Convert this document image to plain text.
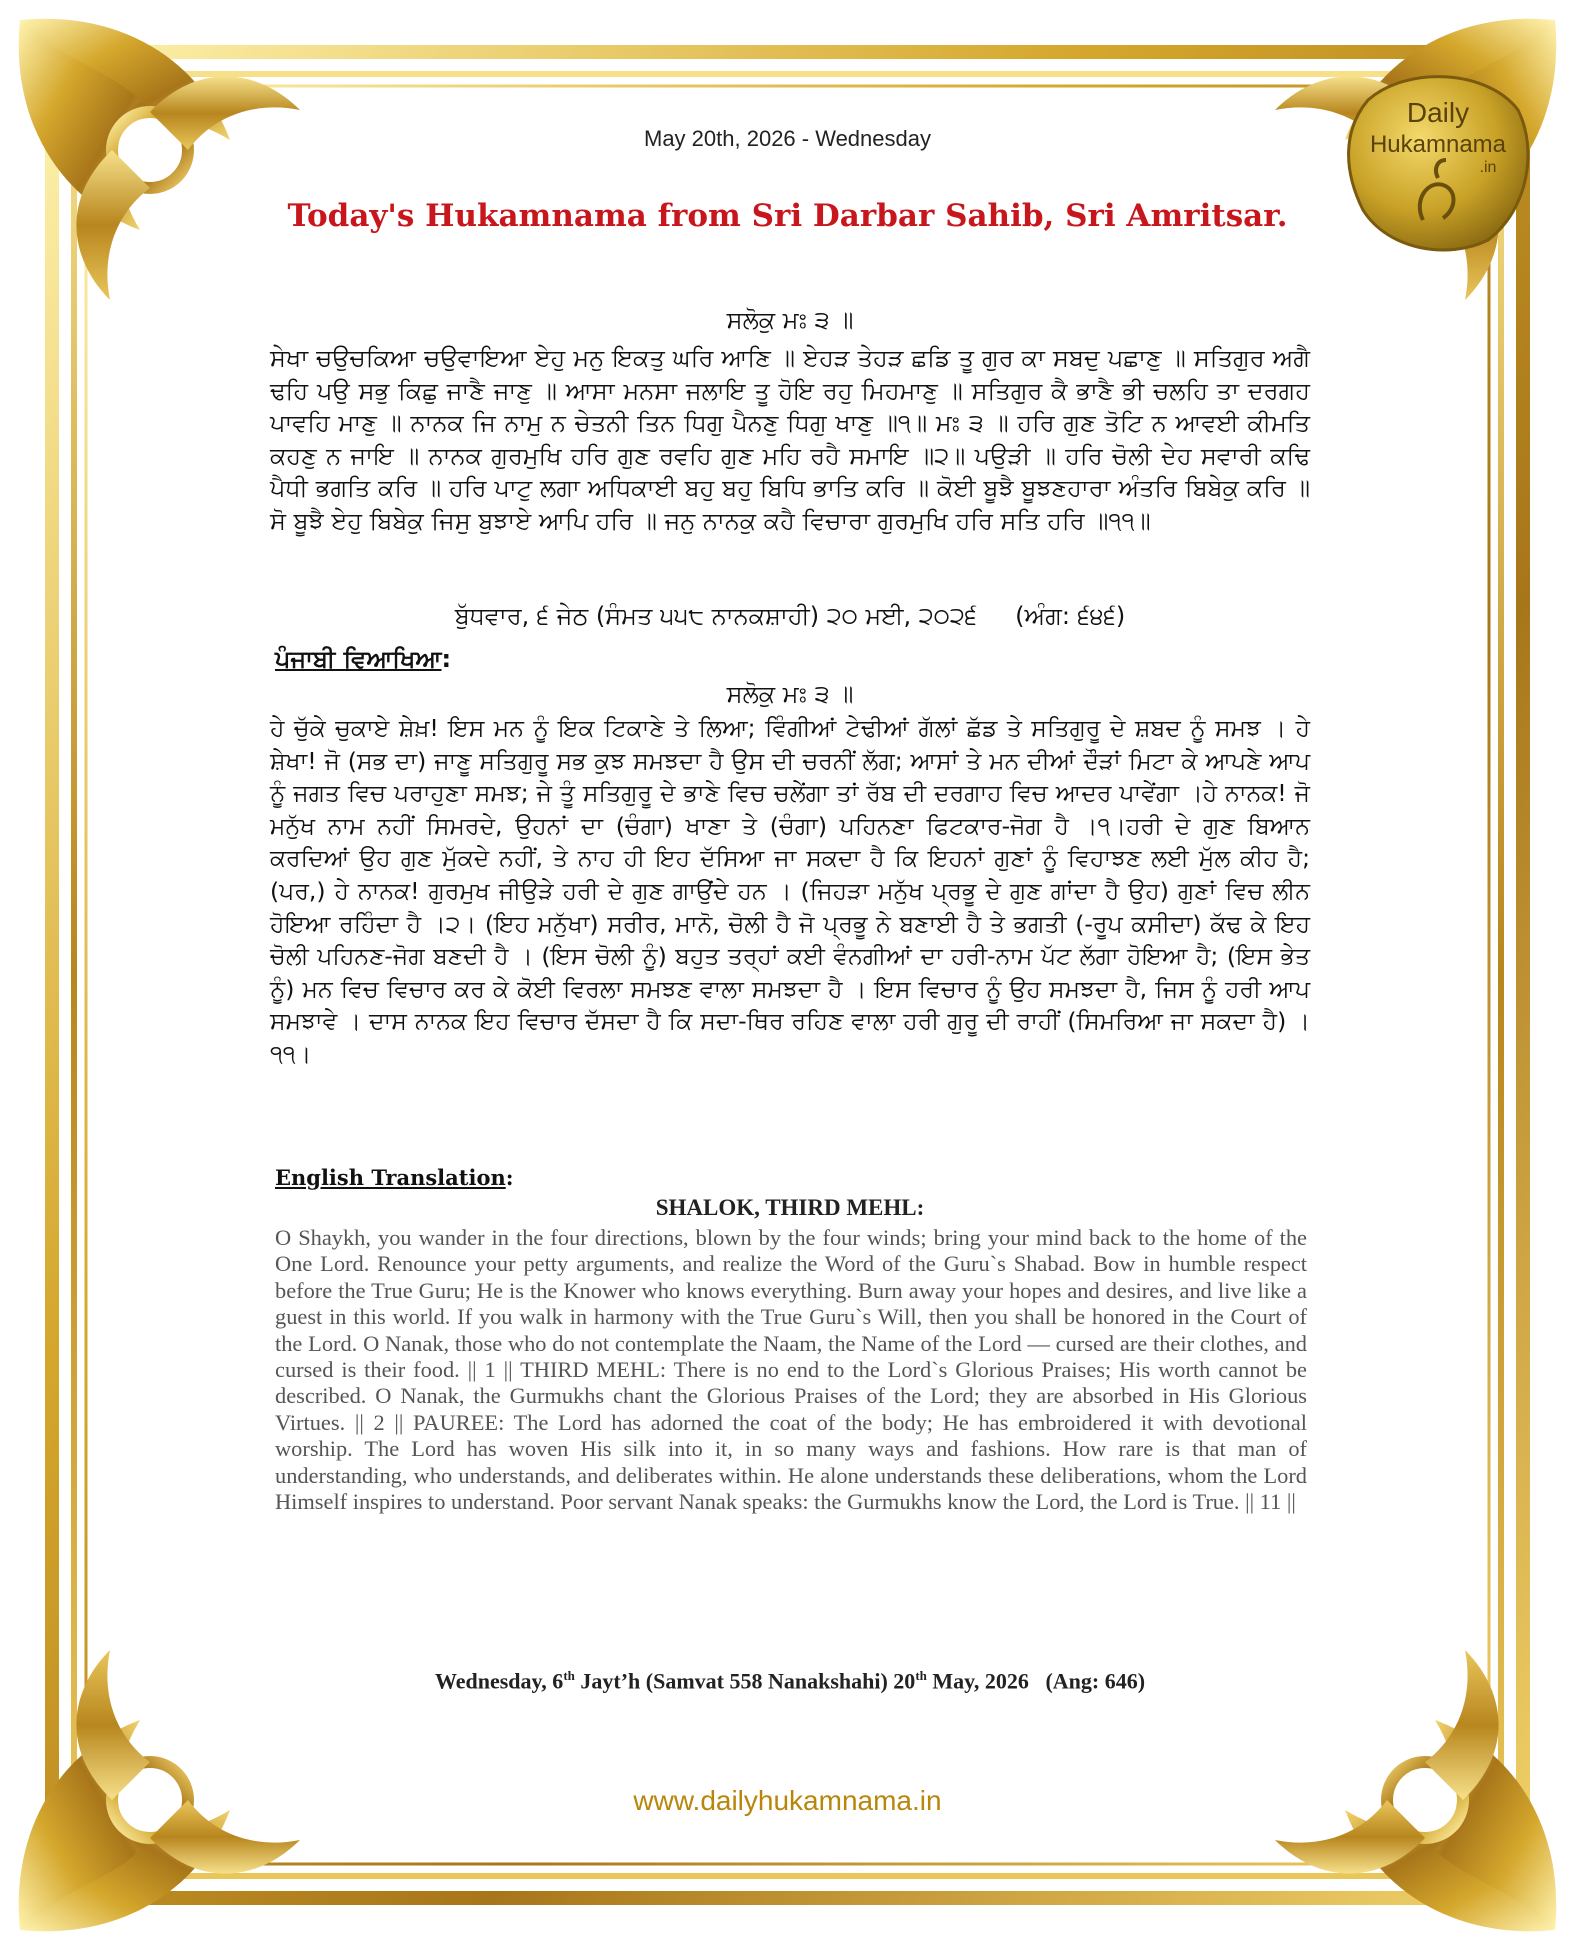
Daily
Hukamnama
.in
May 20th, 2026 - Wednesday
Today's Hukamnama from Sri Darbar Sahib, Sri Amritsar.
ਸਲੋਕੁ ਮਃ ੩ ॥
ਸੇਖਾ ਚਉਚਕਿਆ ਚਉਵਾਇਆ ਏਹੁ ਮਨੁ ਇਕਤੁ ਘਰਿ ਆਣਿ ॥ ਏਹੜ ਤੇਹੜ ਛਡਿ ਤੂ ਗੁਰ ਕਾ ਸਬਦੁ ਪਛਾਣੁ ॥ ਸਤਿਗੁਰ ਅਗੈ ਢਹਿ ਪਉ ਸਭੁ ਕਿਛੁ ਜਾਣੈ ਜਾਣੁ ॥ ਆਸਾ ਮਨਸਾ ਜਲਾਇ ਤੂ ਹੋਇ ਰਹੁ ਮਿਹਮਾਣੁ ॥ ਸਤਿਗੁਰ ਕੈ ਭਾਣੈ ਭੀ ਚਲਹਿ ਤਾ ਦਰਗਹ ਪਾਵਹਿ ਮਾਣੁ ॥ ਨਾਨਕ ਜਿ ਨਾਮੁ ਨ ਚੇਤਨੀ ਤਿਨ ਧਿਗੁ ਪੈਨਣੁ ਧਿਗੁ ਖਾਣੁ ॥੧॥ ਮਃ ੩ ॥ ਹਰਿ ਗੁਣ ਤੋਟਿ ਨ ਆਵਈ ਕੀਮਤਿ ਕਹਣੁ ਨ ਜਾਇ ॥ ਨਾਨਕ ਗੁਰਮੁਖਿ ਹਰਿ ਗੁਣ ਰਵਹਿ ਗੁਣ ਮਹਿ ਰਹੈ ਸਮਾਇ ॥੨॥ ਪਉੜੀ ॥ ਹਰਿ ਚੋਲੀ ਦੇਹ ਸਵਾਰੀ ਕਢਿ ਪੈਧੀ ਭਗਤਿ ਕਰਿ ॥ ਹਰਿ ਪਾਟੁ ਲਗਾ ਅਧਿਕਾਈ ਬਹੁ ਬਹੁ ਬਿਧਿ ਭਾਤਿ ਕਰਿ ॥ ਕੋਈ ਬੂਝੈ ਬੂਝਣਹਾਰਾ ਅੰਤਰਿ ਬਿਬੇਕੁ ਕਰਿ ॥ ਸੋ ਬੂਝੈ ਏਹੁ ਬਿਬੇਕੁ ਜਿਸੁ ਬੁਝਾਏ ਆਪਿ ਹਰਿ ॥ ਜਨੁ ਨਾਨਕੁ ਕਹੈ ਵਿਚਾਰਾ ਗੁਰਮੁਖਿ ਹਰਿ ਸਤਿ ਹਰਿ ॥੧੧॥
ਬੁੱਧਵਾਰ, ੬ ਜੇਠ (ਸੰਮਤ ੫੫੮ ਨਾਨਕਸ਼ਾਹੀ) ੨੦ ਮਈ, ੨੦੨੬ (ਅੰਗ: ੬੪੬)
ਪੰਜਾਬੀ ਵਿਆਖਿਆ:
ਸਲੋਕੁ ਮਃ ੩ ॥
ਹੇ ਚੁੱਕੇ ਚੁਕਾਏ ਸ਼ੇਖ਼! ਇਸ ਮਨ ਨੂੰ ਇਕ ਟਿਕਾਣੇ ਤੇ ਲਿਆ; ਵਿੰਗੀਆਂ ਟੇਢੀਆਂ ਗੱਲਾਂ ਛੱਡ ਤੇ ਸਤਿਗੁਰੂ ਦੇ ਸ਼ਬਦ ਨੂੰ ਸਮਝ । ਹੇ ਸ਼ੇਖਾ! ਜੋ (ਸਭ ਦਾ) ਜਾਣੂ ਸਤਿਗੁਰੂ ਸਭ ਕੁਝ ਸਮਝਦਾ ਹੈ ਉਸ ਦੀ ਚਰਨੀਂ ਲੱਗ; ਆਸਾਂ ਤੇ ਮਨ ਦੀਆਂ ਦੌੜਾਂ ਮਿਟਾ ਕੇ ਆਪਣੇ ਆਪ ਨੂੰ ਜਗਤ ਵਿਚ ਪਰਾਹੁਣਾ ਸਮਝ; ਜੇ ਤੂੰ ਸਤਿਗੁਰੂ ਦੇ ਭਾਣੇ ਵਿਚ ਚਲੇਂਗਾ ਤਾਂ ਰੱਬ ਦੀ ਦਰਗਾਹ ਵਿਚ ਆਦਰ ਪਾਵੇਂਗਾ ।ਹੇ ਨਾਨਕ! ਜੋ ਮਨੁੱਖ ਨਾਮ ਨਹੀਂ ਸਿਮਰਦੇ, ਉਹਨਾਂ ਦਾ (ਚੰਗਾ) ਖਾਣਾ ਤੇ (ਚੰਗਾ) ਪਹਿਨਣਾ ਫਿਟਕਾਰ-ਜੋਗ ਹੈ ।੧।ਹਰੀ ਦੇ ਗੁਣ ਬਿਆਨ ਕਰਦਿਆਂ ਉਹ ਗੁਣ ਮੁੱਕਦੇ ਨਹੀਂ, ਤੇ ਨਾਹ ਹੀ ਇਹ ਦੱਸਿਆ ਜਾ ਸਕਦਾ ਹੈ ਕਿ ਇਹਨਾਂ ਗੁਣਾਂ ਨੂੰ ਵਿਹਾਝਣ ਲਈ ਮੁੱਲ ਕੀਹ ਹੈ; (ਪਰ,) ਹੇ ਨਾਨਕ! ਗੁਰਮੁਖ ਜੀਉੜੇ ਹਰੀ ਦੇ ਗੁਣ ਗਾਉਂਦੇ ਹਨ । (ਜਿਹੜਾ ਮਨੁੱਖ ਪ੍ਰਭੂ ਦੇ ਗੁਣ ਗਾਂਦਾ ਹੈ ਉਹ) ਗੁਣਾਂ ਵਿਚ ਲੀਨ ਹੋਇਆ ਰਹਿੰਦਾ ਹੈ ।੨। (ਇਹ ਮਨੁੱਖਾ) ਸਰੀਰ, ਮਾਨੋ, ਚੋਲੀ ਹੈ ਜੋ ਪ੍ਰਭੂ ਨੇ ਬਣਾਈ ਹੈ ਤੇ ਭਗਤੀ (-ਰੂਪ ਕਸੀਦਾ) ਕੱਢ ਕੇ ਇਹ ਚੋਲੀ ਪਹਿਨਣ-ਜੋਗ ਬਣਦੀ ਹੈ । (ਇਸ ਚੋਲੀ ਨੂੰ) ਬਹੁਤ ਤਰ੍ਹਾਂ ਕਈ ਵੰਨਗੀਆਂ ਦਾ ਹਰੀ-ਨਾਮ ਪੱਟ ਲੱਗਾ ਹੋਇਆ ਹੈ; (ਇਸ ਭੇਤ ਨੂੰ) ਮਨ ਵਿਚ ਵਿਚਾਰ ਕਰ ਕੇ ਕੋਈ ਵਿਰਲਾ ਸਮਝਣ ਵਾਲਾ ਸਮਝਦਾ ਹੈ । ਇਸ ਵਿਚਾਰ ਨੂੰ ਉਹ ਸਮਝਦਾ ਹੈ, ਜਿਸ ਨੂੰ ਹਰੀ ਆਪ ਸਮਝਾਵੇ । ਦਾਸ ਨਾਨਕ ਇਹ ਵਿਚਾਰ ਦੱਸਦਾ ਹੈ ਕਿ ਸਦਾ-ਥਿਰ ਰਹਿਣ ਵਾਲਾ ਹਰੀ ਗੁਰੂ ਦੀ ਰਾਹੀਂ (ਸਿਮਰਿਆ ਜਾ ਸਕਦਾ ਹੈ) ।੧੧।
English Translation:
SHALOK, THIRD MEHL:
O Shaykh, you wander in the four directions, blown by the four winds; bring your mind back to the home of the One Lord. Renounce your petty arguments, and realize the Word of the Guru`s Shabad. Bow in humble respect before the True Guru; He is the Knower who knows everything. Burn away your hopes and desires, and live like a guest in this world. If you walk in harmony with the True Guru`s Will, then you shall be honored in the Court of the Lord. O Nanak, those who do not contemplate the Naam, the Name of the Lord — cursed are their clothes, and cursed is their food. || 1 || THIRD MEHL: There is no end to the Lord`s Glorious Praises; His worth cannot be described. O Nanak, the Gurmukhs chant the Glorious Praises of the Lord; they are absorbed in His Glorious Virtues. || 2 || PAUREE: The Lord has adorned the coat of the body; He has embroidered it with devotional worship. The Lord has woven His silk into it, in so many ways and fashions. How rare is that man of understanding, who understands, and deliberates within. He alone understands these deliberations, whom the Lord Himself inspires to understand. Poor servant Nanak speaks: the Gurmukhs know the Lord, the Lord is True. || 11 ||
Wednesday, 6th Jayt’h (Samvat 558 Nanakshahi) 20th May, 2026 (Ang: 646)
www.dailyhukamnama.in
